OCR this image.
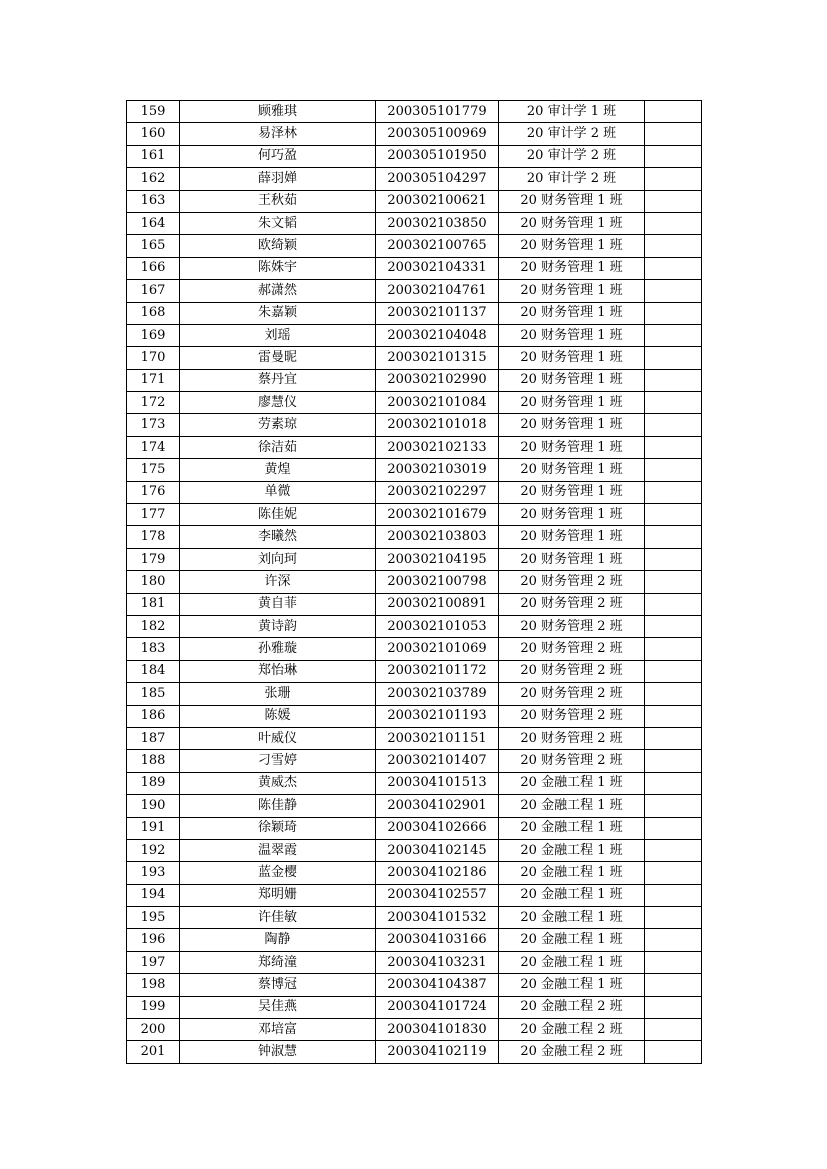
159	顾雅琪	200305101779	20 审计学 1 班	
160	易泽林	200305100969	20 审计学 2 班	
161	何巧盈	200305101950	20 审计学 2 班	
162	薛羽婵	200305104297	20 审计学 2 班	
163	王秋茹	200302100621	20 财务管理 1 班	
164	朱文韬	200302103850	20 财务管理 1 班	
165	欧绮颖	200302100765	20 财务管理 1 班	
166	陈姝宇	200302104331	20 财务管理 1 班	
167	郝潇然	200302104761	20 财务管理 1 班	
168	朱嘉颖	200302101137	20 财务管理 1 班	
169	刘瑶	200302104048	20 财务管理 1 班	
170	雷曼昵	200302101315	20 财务管理 1 班	
171	蔡丹宜	200302102990	20 财务管理 1 班	
172	廖慧仪	200302101084	20 财务管理 1 班	
173	劳素琼	200302101018	20 财务管理 1 班	
174	徐洁茹	200302102133	20 财务管理 1 班	
175	黄煌	200302103019	20 财务管理 1 班	
176	单微	200302102297	20 财务管理 1 班	
177	陈佳妮	200302101679	20 财务管理 1 班	
178	李曦然	200302103803	20 财务管理 1 班	
179	刘向珂	200302104195	20 财务管理 1 班	
180	许深	200302100798	20 财务管理 2 班	
181	黄自菲	200302100891	20 财务管理 2 班	
182	黄诗韵	200302101053	20 财务管理 2 班	
183	孙雅璇	200302101069	20 财务管理 2 班	
184	郑怡琳	200302101172	20 财务管理 2 班	
185	张珊	200302103789	20 财务管理 2 班	
186	陈媛	200302101193	20 财务管理 2 班	
187	叶威仪	200302101151	20 财务管理 2 班	
188	刁雪婷	200302101407	20 财务管理 2 班	
189	黄威杰	200304101513	20 金融工程 1 班	
190	陈佳静	200304102901	20 金融工程 1 班	
191	徐颖琦	200304102666	20 金融工程 1 班	
192	温翠霞	200304102145	20 金融工程 1 班	
193	蓝金樱	200304102186	20 金融工程 1 班	
194	郑明姗	200304102557	20 金融工程 1 班	
195	许佳敏	200304101532	20 金融工程 1 班	
196	陶静	200304103166	20 金融工程 1 班	
197	郑绮潼	200304103231	20 金融工程 1 班	
198	蔡博冠	200304104387	20 金融工程 1 班	
199	吴佳燕	200304101724	20 金融工程 2 班	
200	邓培富	200304101830	20 金融工程 2 班	
201	钟淑慧	200304102119	20 金融工程 2 班	
